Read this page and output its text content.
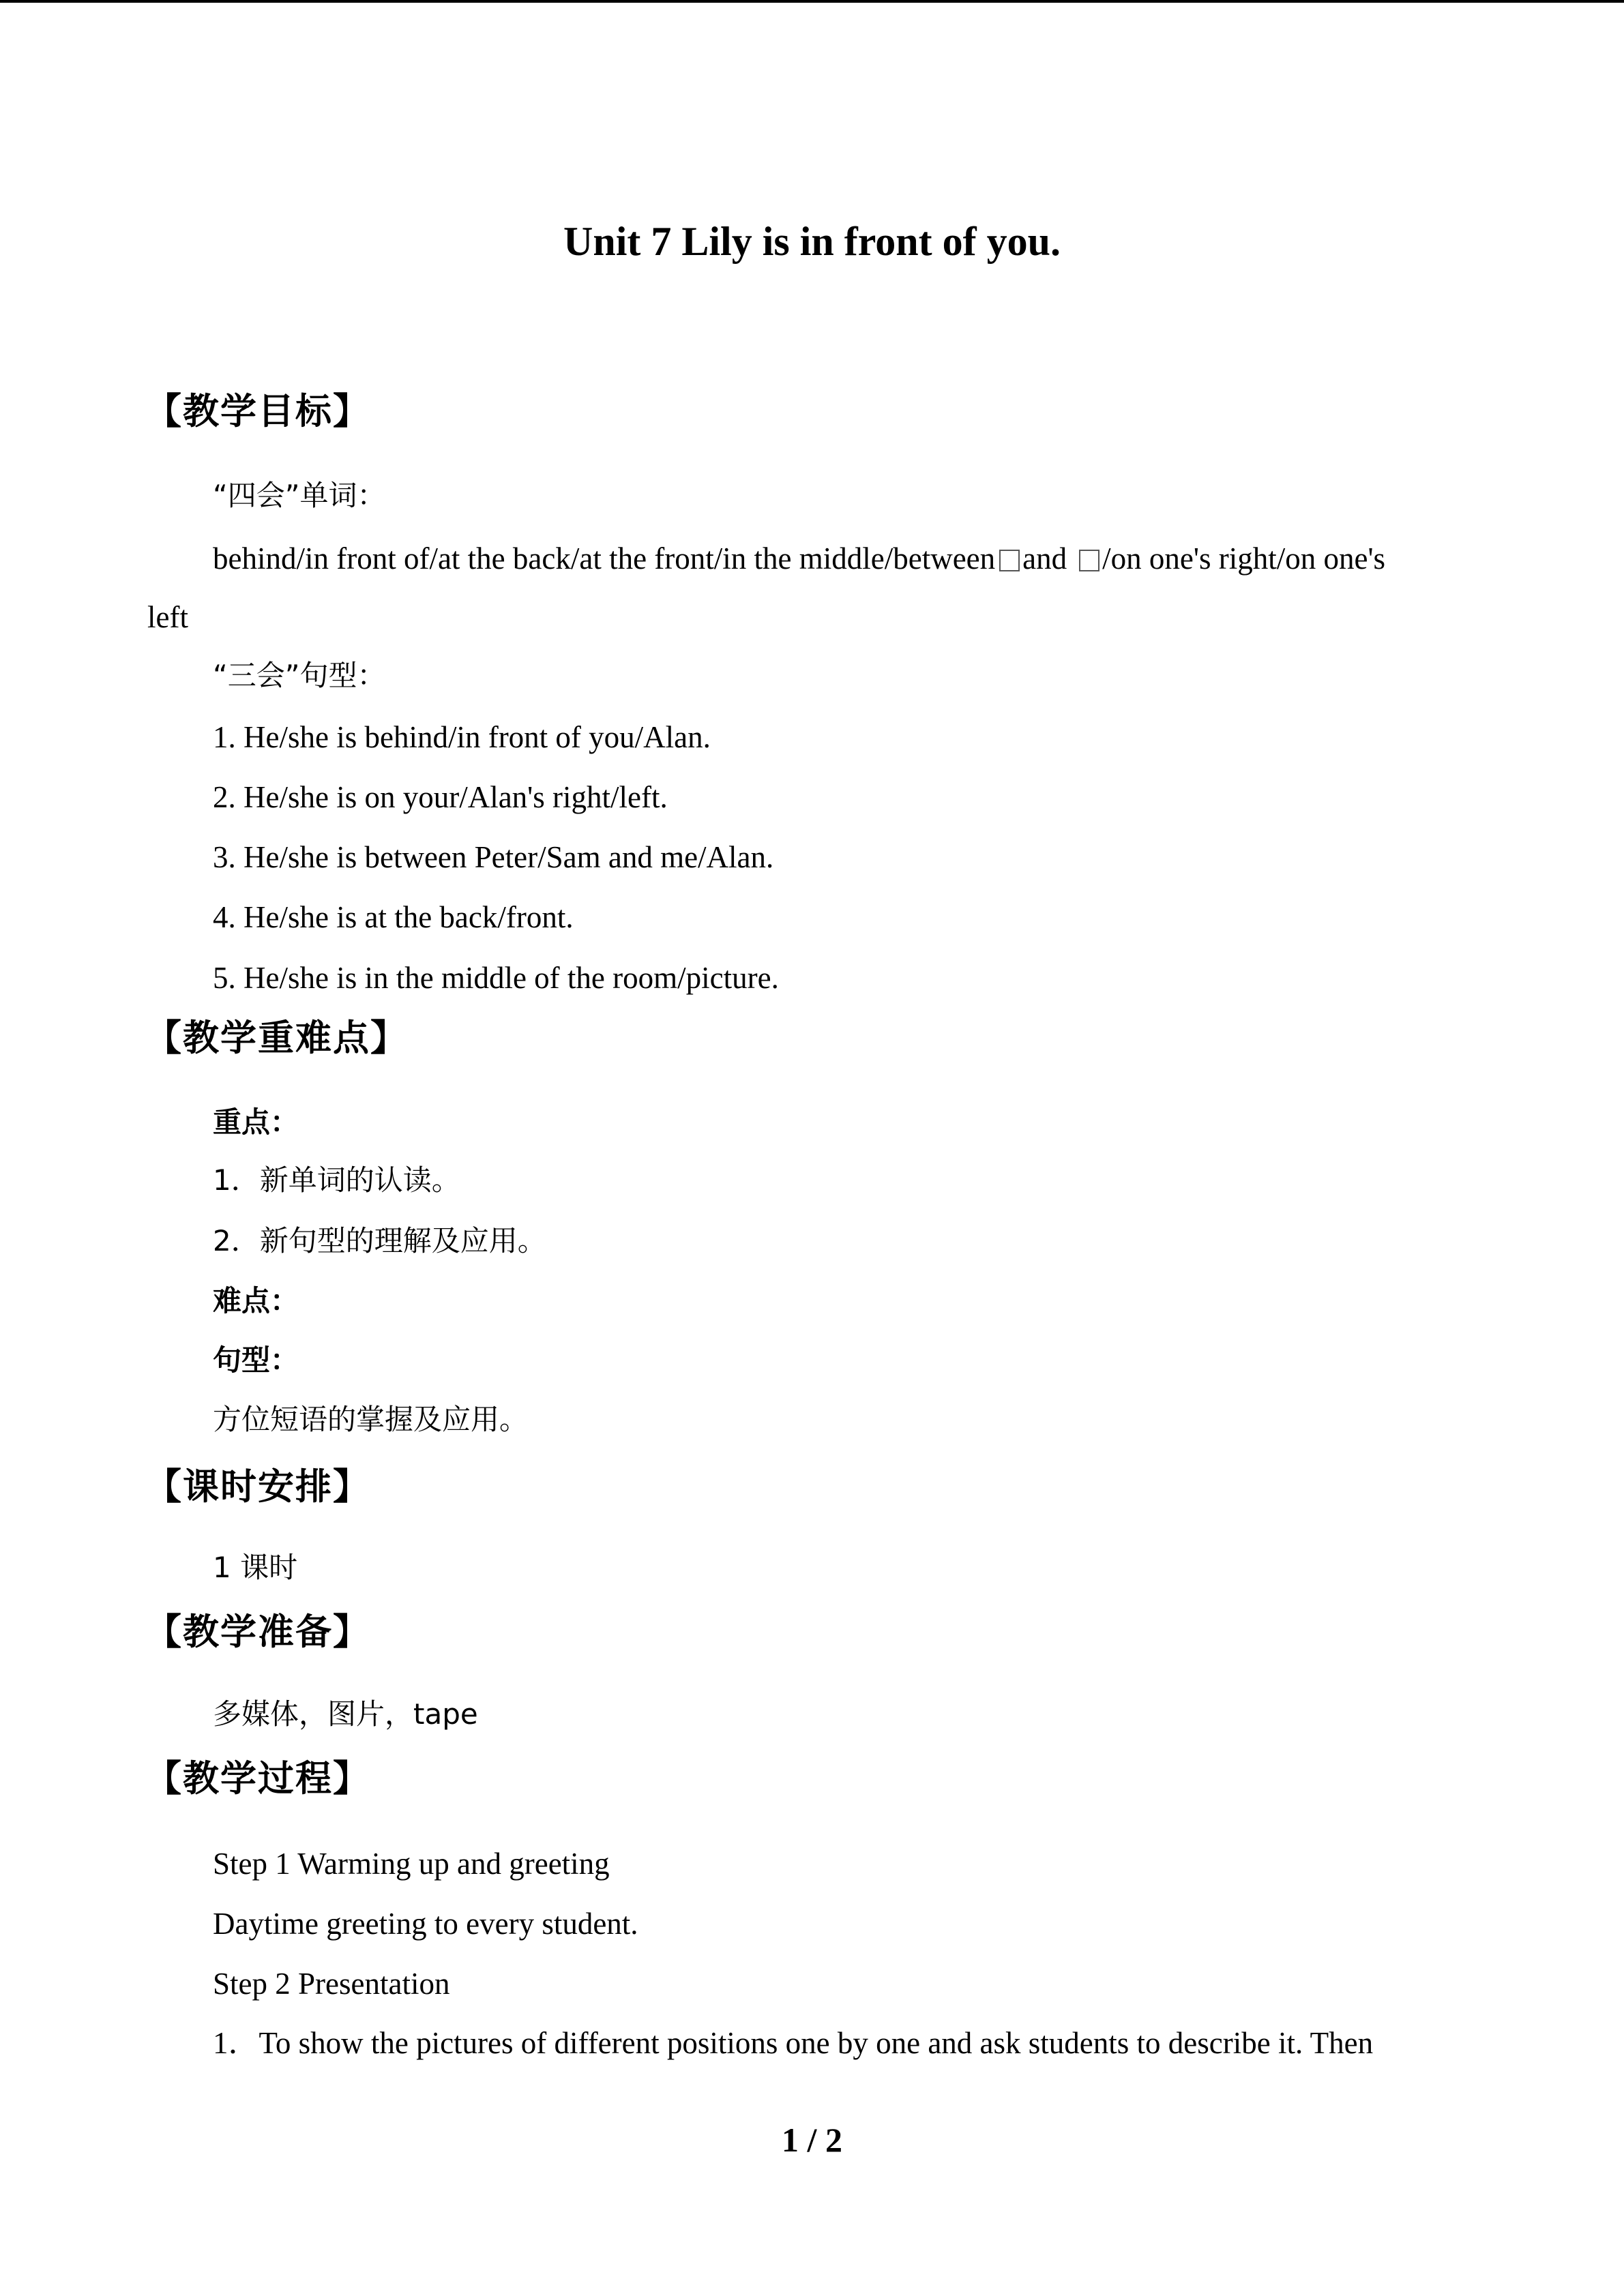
Unit 7 Lily is in front of you.
【教学目标】
“四会”单词：
behind/in front of/at the back/at the front/in the middle/between and /on one's right/on one's
left
“三会”句型：
1. He/she is behind/in front of you/Alan.
2. He/she is on your/Alan's right/left.
3. He/she is between Peter/Sam and me/Alan.
4. He/she is at the back/front.
5. He/she is in the middle of the room/picture.
【教学重难点】
重点：
1．新单词的认读。
2．新句型的理解及应用。
难点：
句型：
方位短语的掌握及应用。
【课时安排】
1 课时
【教学准备】
多媒体，图片，tape
【教学过程】
Step 1 Warming up and greeting
Daytime greeting to every student.
Step 2 Presentation
1．To show the pictures of different positions one by one and ask students to describe it. Then
1 / 2
